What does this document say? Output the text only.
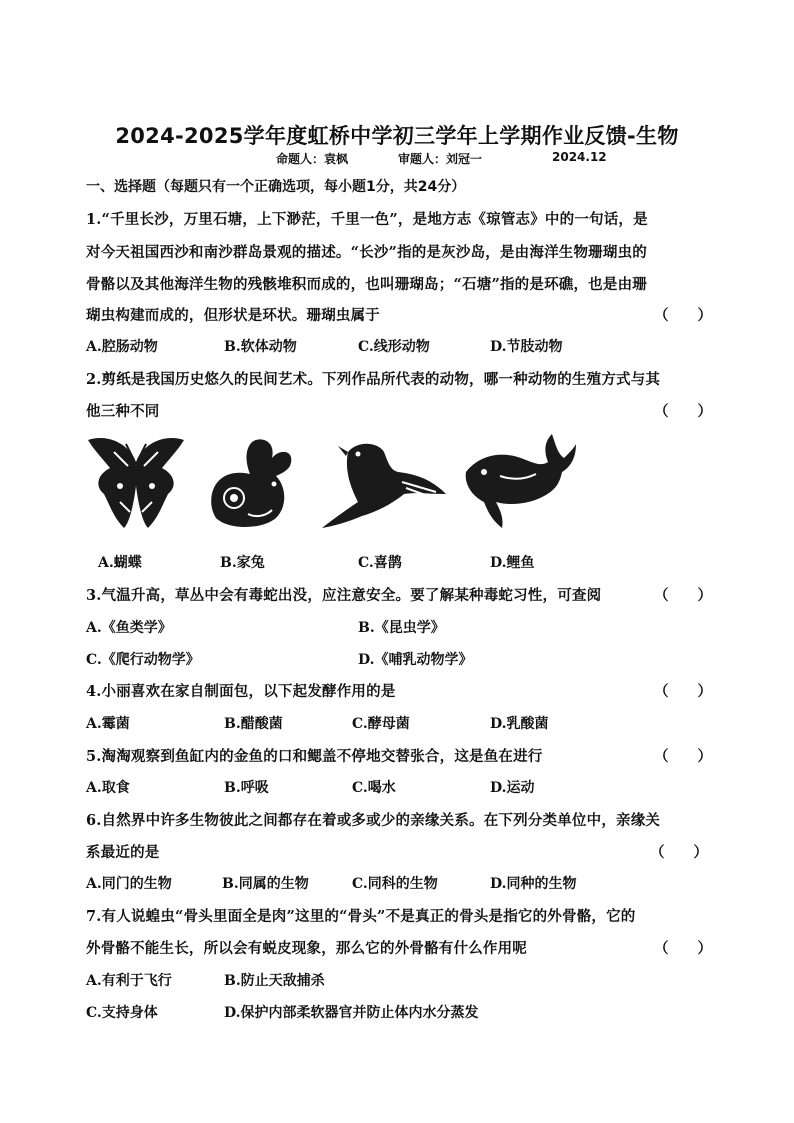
2024-2025学年度虹桥中学初三学年上学期作业反馈-生物
命题人：袁枫	审题人：刘冠一	2024.12
一、选择题（每题只有一个正确选项，每小题1分，共24分）
1.“千里长沙，万里石塘，上下渺茫，千里一色”，是地方志《琼管志》中的一句话，是
对今天祖国西沙和南沙群岛景观的描述。“长沙”指的是灰沙岛，是由海洋生物珊瑚虫的
骨骼以及其他海洋生物的残骸堆积而成的，也叫珊瑚岛；“石塘”指的是环礁，也是由珊
瑚虫构建而成的，但形状是环状。珊瑚虫属于	（　　）
A.腔肠动物	B.软体动物	C.线形动物	D.节肢动物
2.剪纸是我国历史悠久的民间艺术。下列作品所代表的动物，哪一种动物的生殖方式与其
他三种不同	（　　）
A.蝴蝶	B.家兔	C.喜鹊	D.鲤鱼
3.气温升高，草丛中会有毒蛇出没，应注意安全。要了解某种毒蛇习性，可查阅	（　　）
A.《鱼类学》	B.《昆虫学》
C.《爬行动物学》	D.《哺乳动物学》
4.小丽喜欢在家自制面包，以下起发酵作用的是	（　　）
A.霉菌	B.醋酸菌	C.酵母菌	D.乳酸菌
5.淘淘观察到鱼缸内的金鱼的口和鳃盖不停地交替张合，这是鱼在进行	（　　）
A.取食	B.呼吸	C.喝水	D.运动
6.自然界中许多生物彼此之间都存在着或多或少的亲缘关系。在下列分类单位中，亲缘关
系最近的是	（　　）
A.同门的生物	B.同属的生物	C.同科的生物	D.同种的生物
7.有人说蝗虫“骨头里面全是肉”这里的“骨头”不是真正的骨头是指它的外骨骼，它的
外骨骼不能生长，所以会有蜕皮现象，那么它的外骨骼有什么作用呢	（　　）
A.有利于飞行	B.防止天敌捕杀
C.支持身体	D.保护内部柔软器官并防止体内水分蒸发
